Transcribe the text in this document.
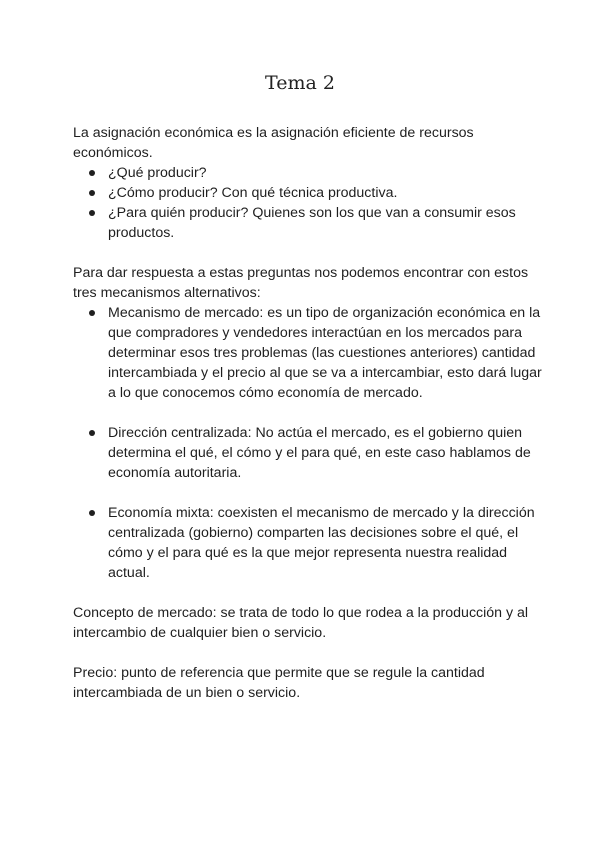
Tema 2

La asignación económica es la asignación eficiente de recursos económicos.

¿Qué producir?
¿Cómo producir? Con qué técnica productiva.
¿Para quién producir? Quienes son los que van a consumir esos productos.

Para dar respuesta a estas preguntas nos podemos encontrar con estos tres mecanismos alternativos:

Mecanismo de mercado: es un tipo de organización económica en la que compradores y vendedores interactúan en los mercados para determinar esos tres problemas (las cuestiones anteriores) cantidad intercambiada y el precio al que se va a intercambiar, esto dará lugar a lo que conocemos cómo economía de mercado.
Dirección centralizada: No actúa el mercado, es el gobierno quien determina el qué, el cómo y el para qué, en este caso hablamos de economía autoritaria.
Economía mixta: coexisten el mecanismo de mercado y la dirección centralizada (gobierno) comparten las decisiones sobre el qué, el cómo y el para qué es la que mejor representa nuestra realidad actual.

Concepto de mercado: se trata de todo lo que rodea a la producción y al intercambio de cualquier bien o servicio.

Precio: punto de referencia que permite que se regule la cantidad intercambiada de un bien o servicio.
